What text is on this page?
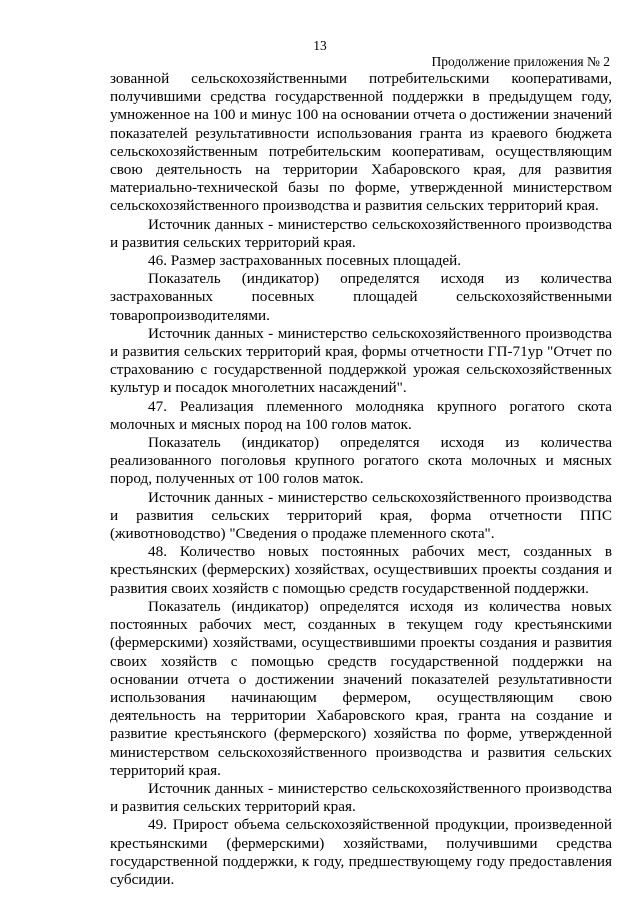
13
Продолжение приложения № 2

зованной сельскохозяйственными потребительскими кооперативами, получившими средства государственной поддержки в предыдущем году, умноженное на 100 и минус 100 на основании отчета о достижении значений показателей результативности использования гранта из краевого бюджета сельскохозяйственным потребительским кооперативам, осуществляющим свою деятельность на территории Хабаровского края, для развития материально-технической базы по форме, утвержденной министерством сельскохозяйственного производства и развития сельских территорий края.

Источник данных - министерство сельскохозяйственного производства и развития сельских территорий края.

46. Размер застрахованных посевных площадей.

Показатель (индикатор) определятся исходя из количества застрахованных посевных площадей сельскохозяйственными товаропроизводителями.

Источник данных - министерство сельскохозяйственного производства и развития сельских территорий края, формы отчетности ГП-71ур "Отчет по страхованию с государственной поддержкой урожая сельскохозяйственных культур и посадок многолетних насаждений".

47. Реализация племенного молодняка крупного рогатого скота молочных и мясных пород на 100 голов маток.

Показатель (индикатор) определятся исходя из количества реализованного поголовья крупного рогатого скота молочных и мясных пород, полученных от 100 голов маток.

Источник данных - министерство сельскохозяйственного производства и развития сельских территорий края, форма отчетности ППС (животноводство) "Сведения о продаже племенного скота".

48. Количество новых постоянных рабочих мест, созданных в крестьянских (фермерских) хозяйствах, осуществивших проекты создания и развития своих хозяйств с помощью средств государственной поддержки.

Показатель (индикатор) определятся исходя из количества новых постоянных рабочих мест, созданных в текущем году крестьянскими (фермерскими) хозяйствами, осуществившими проекты создания и развития своих хозяйств с помощью средств государственной поддержки на основании отчета о достижении значений показателей результативности использования начинающим фермером, осуществляющим свою деятельность на территории Хабаровского края, гранта на создание и развитие крестьянского (фермерского) хозяйства по форме, утвержденной министерством сельскохозяйственного производства и развития сельских территорий края.

Источник данных - министерство сельскохозяйственного производства и развития сельских территорий края.

49. Прирост объема сельскохозяйственной продукции, произведенной крестьянскими (фермерскими) хозяйствами, получившими средства государственной поддержки, к году, предшествующему году предоставления субсидии.
